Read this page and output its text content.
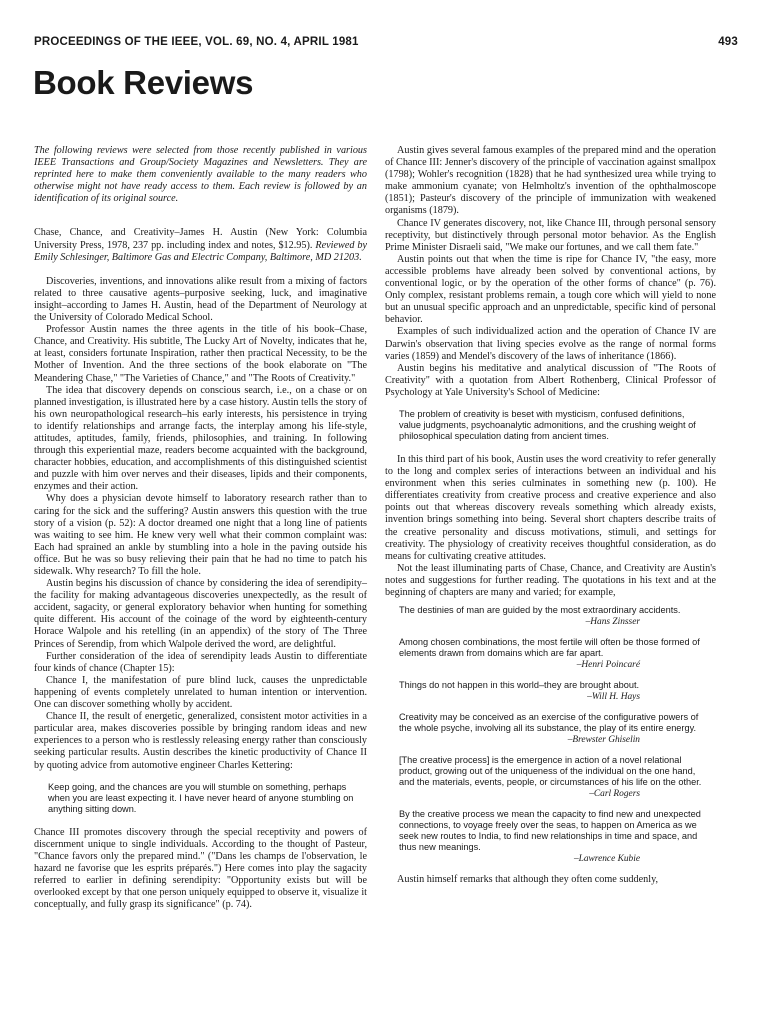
PROCEEDINGS OF THE IEEE, VOL. 69, NO. 4, APRIL 1981	493
Book Reviews

The following reviews were selected from those recently published in various IEEE Transactions and Group/Society Magazines and Newsletters. They are reprinted here to make them conveniently available to the many readers who otherwise might not have ready access to them. Each review is followed by an identification of its original source.

Chase, Chance, and Creativity–James H. Austin (New York: Columbia University Press, 1978, 237 pp. including index and notes, $12.95). Reviewed by Emily Schlesinger, Baltimore Gas and Electric Company, Baltimore, MD 21203.

Discoveries, inventions, and innovations alike result from a mixing of factors related to three causative agents–purposive seeking, luck, and imaginative insight–according to James H. Austin, head of the Department of Neurology at the University of Colorado Medical School.

Professor Austin names the three agents in the title of his book–Chase, Chance, and Creativity. His subtitle, The Lucky Art of Novelty, indicates that he, at least, considers fortunate Inspiration, rather then practical Necessity, to be the Mother of Invention. And the three sections of the book elaborate on "The Meandering Chase," "The Varieties of Chance," and "The Roots of Creativity."

The idea that discovery depends on conscious search, i.e., on a chase or on planned investigation, is illustrated here by a case history. Austin tells the story of his own neuropathological research–his early interests, his persistence in trying to identify relationships and arrange facts, the interplay among his life-style, attitudes, aptitudes, family, friends, philosophies, and training. In following through this experiential maze, readers become acquainted with the background, character hobbies, education, and accomplishments of this distinguished scientist and puzzle with him over nerves and their diseases, lipids and their components, enzymes and their action.

Why does a physician devote himself to laboratory research rather than to caring for the sick and the suffering? Austin answers this question with the true story of a vision (p. 52): A doctor dreamed one night that a long line of patients was waiting to see him. He knew very well what their common complaint was: Each had sprained an ankle by stumbling into a hole in the paving outside his office. But he was so busy relieving their pain that he had no time to patch his sidewalk. Why research? To fill the hole.

Austin begins his discussion of chance by considering the idea of serendipity–the facility for making advantageous discoveries unexpectedly, as the result of accident, sagacity, or general exploratory behavior when hunting for something quite different. His account of the coinage of the word by eighteenth-century Horace Walpole and his retelling (in an appendix) of the story of The Three Princes of Serendip, from which Walpole derived the word, are delightful.

Further consideration of the idea of serendipity leads Austin to differentiate four kinds of chance (Chapter 15):

Chance I, the manifestation of pure blind luck, causes the unpredictable happening of events completely unrelated to human intention or intervention. One can discover something wholly by accident.

Chance II, the result of energetic, generalized, consistent motor activities in a particular area, makes discoveries possible by bringing random ideas and new experiences to a person who is restlessly releasing energy rather than consciously seeking particular results. Austin describes the kinetic productivity of Chance II by quoting advice from automotive engineer Charles Kettering:

Keep going, and the chances are you will stumble on something, perhaps when you are least expecting it. I have never heard of anyone stumbling on anything sitting down.

Chance III promotes discovery through the special receptivity and powers of discernment unique to single individuals. According to the thought of Pasteur, "Chance favors only the prepared mind." ("Dans les champs de l'observation, le hazard ne favorise que les esprits préparés.") Here comes into play the sagacity referred to earlier in defining serendipity: "Opportunity exists but will be overlooked except by that one person uniquely equipped to observe it, visualize it conceptually, and fully grasp its significance" (p. 74).

Austin gives several famous examples of the prepared mind and the operation of Chance III: Jenner's discovery of the principle of vaccination against smallpox (1798); Wohler's recognition (1828) that he had synthesized urea while trying to make ammonium cyanate; von Helmholtz's invention of the ophthalmoscope (1851); Pasteur's discovery of the principle of immunization with weakened organisms (1879).

Chance IV generates discovery, not, like Chance III, through personal sensory receptivity, but distinctively through personal motor behavior. As the English Prime Minister Disraeli said, "We make our fortunes, and we call them fate."

Austin points out that when the time is ripe for Chance IV, "the easy, more accessible problems have already been solved by conventional actions, by conventional logic, or by the operation of the other forms of chance" (p. 76). Only complex, resistant problems remain, a tough core which will yield to none but an unusual specific approach and an unpredictable, specific kind of personal behavior.

Examples of such individualized action and the operation of Chance IV are Darwin's observation that living species evolve as the range of normal forms varies (1859) and Mendel's discovery of the laws of inheritance (1866).

Austin begins his meditative and analytical discussion of "The Roots of Creativity" with a quotation from Albert Rothenberg, Clinical Professor of Psychology at Yale University's School of Medicine:

The problem of creativity is beset with mysticism, confused definitions, value judgments, psychoanalytic admonitions, and the crushing weight of philosophical speculation dating from ancient times.

In this third part of his book, Austin uses the word creativity to refer generally to the long and complex series of interactions between an individual and his environment when this series culminates in something new (p. 100). He differentiates creativity from creative process and creative experience and also points out that whereas discovery reveals something which already exists, invention brings something into being. Several short chapters describe traits of the creative personality and discuss motivations, stimuli, and settings for creativity. The physiology of creativity receives thoughtful consideration, as do means for cultivating creative attitudes.

Not the least illuminating parts of Chase, Chance, and Creativity are Austin's notes and suggestions for further reading. The quotations in his text and at the beginning of chapters are many and varied; for example,

The destinies of man are guided by the most extraordinary accidents.
–Hans Zinsser
Among chosen combinations, the most fertile will often be those formed of elements drawn from domains which are far apart.
–Henri Poincaré
Things do not happen in this world–they are brought about.
–Will H. Hays
Creativity may be conceived as an exercise of the configurative powers of the whole psyche, involving all its substance, the play of its entire energy.
–Brewster Ghiselin
[The creative process] is the emergence in action of a novel relational product, growing out of the uniqueness of the individual on the one hand, and the materials, events, people, or circumstances of his life on the other.
–Carl Rogers
By the creative process we mean the capacity to find new and unexpected connections, to voyage freely over the seas, to happen on America as we seek new routes to India, to find new relationships in time and space, and thus new meanings.
–Lawrence Kubie

Austin himself remarks that although they often come suddenly,
